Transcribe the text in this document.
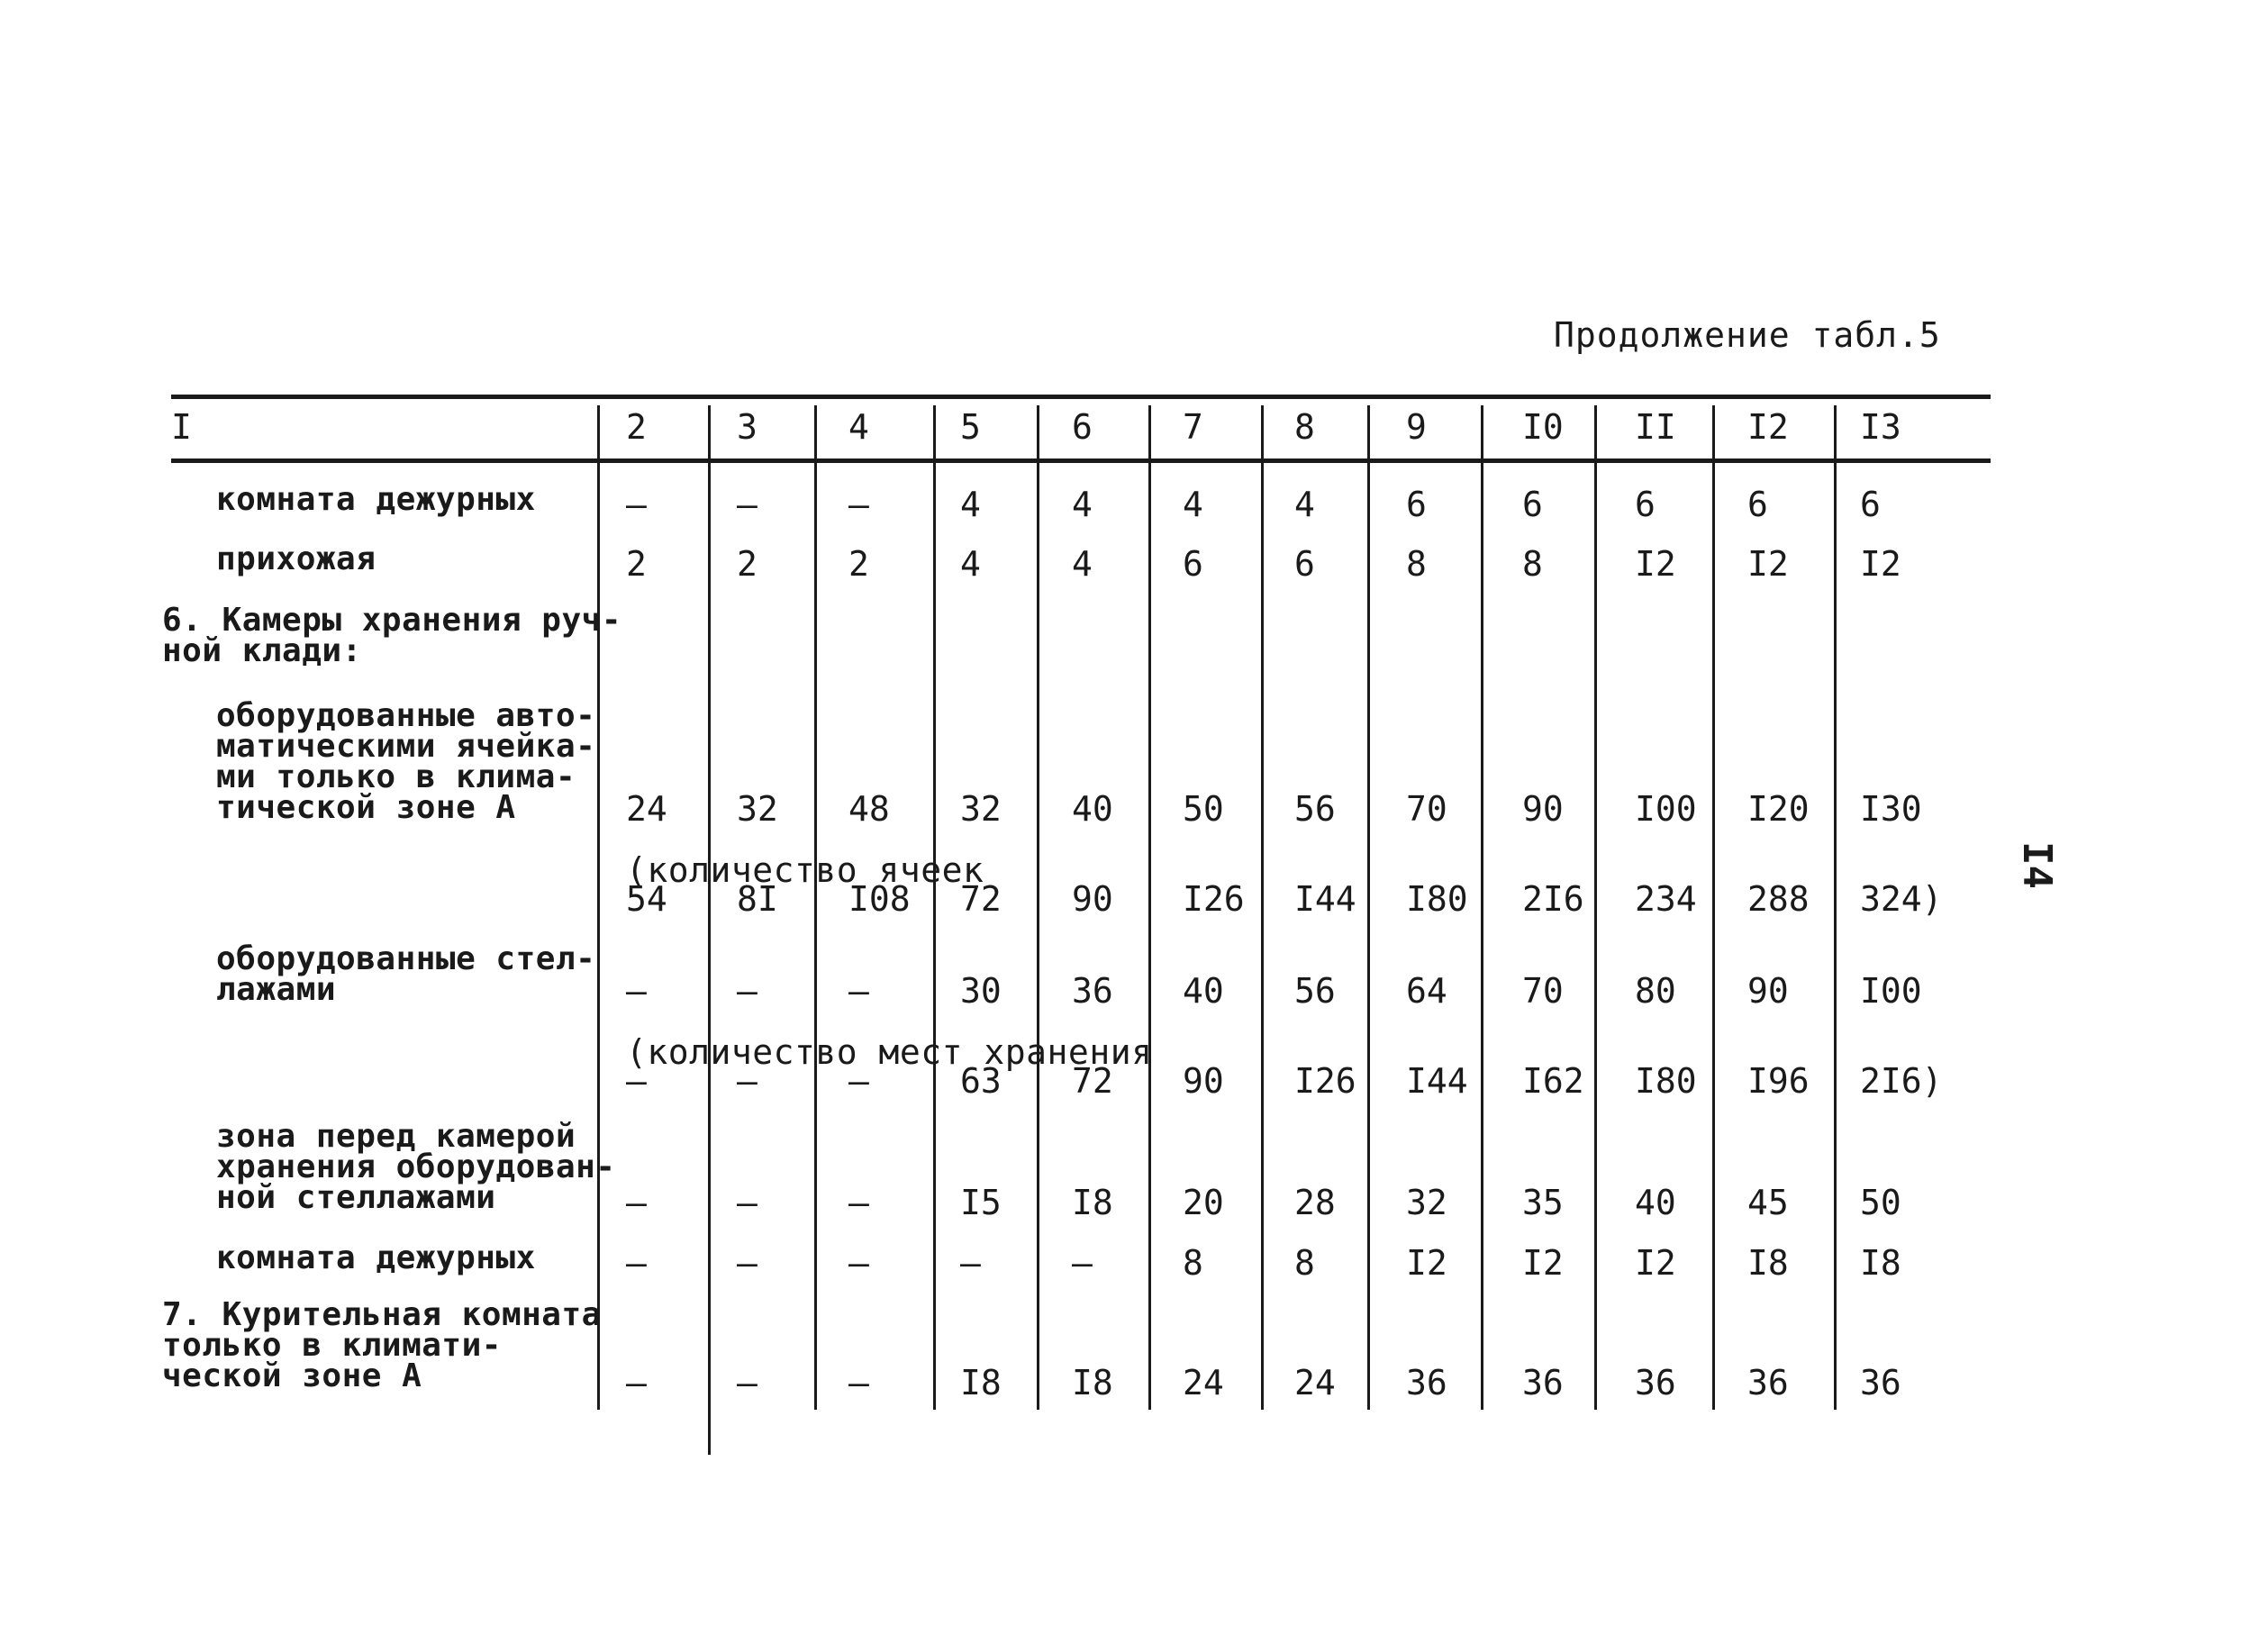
Продолжение табл.5
I4
I	2	3	4	5	6	7	8	9	I0 II I2 I3
комната дежурных	–	–	–	4	4	4	4	6	6	6	6	6
прихожая	2	2	2	4	4	6	6	8	8	I2 I2 I2
6. Камеры хранения руч-
ной клади:
оборудованные авто-
матическими ячейка-
ми только в клима-
тической зоне А	24 32 48 32 40 50 56 70 90 I00 I20 I30
(количество ячеек
54 8I I08 72 90 I26 I44 I80 2I6 234 288 324)
оборудованные стел-
лажами	–	–	–	30 36 40 56 64 70 80 90 I00
(количество мест хранения
–	–	–	63 72 90 I26 I44 I62 I80 I96 2I6)
зона перед камерой
хранения оборудован-
ной стеллажами	–	–	–	I5 I8 20 28 32 35 40 45 50
комната дежурных	–	–	–	–	–	8	8	I2 I2 I2 I8 I8
7. Курительная комната
только в климати-
ческой зоне А	–	–	–	I8 I8 24 24 36 36 36 36 36
